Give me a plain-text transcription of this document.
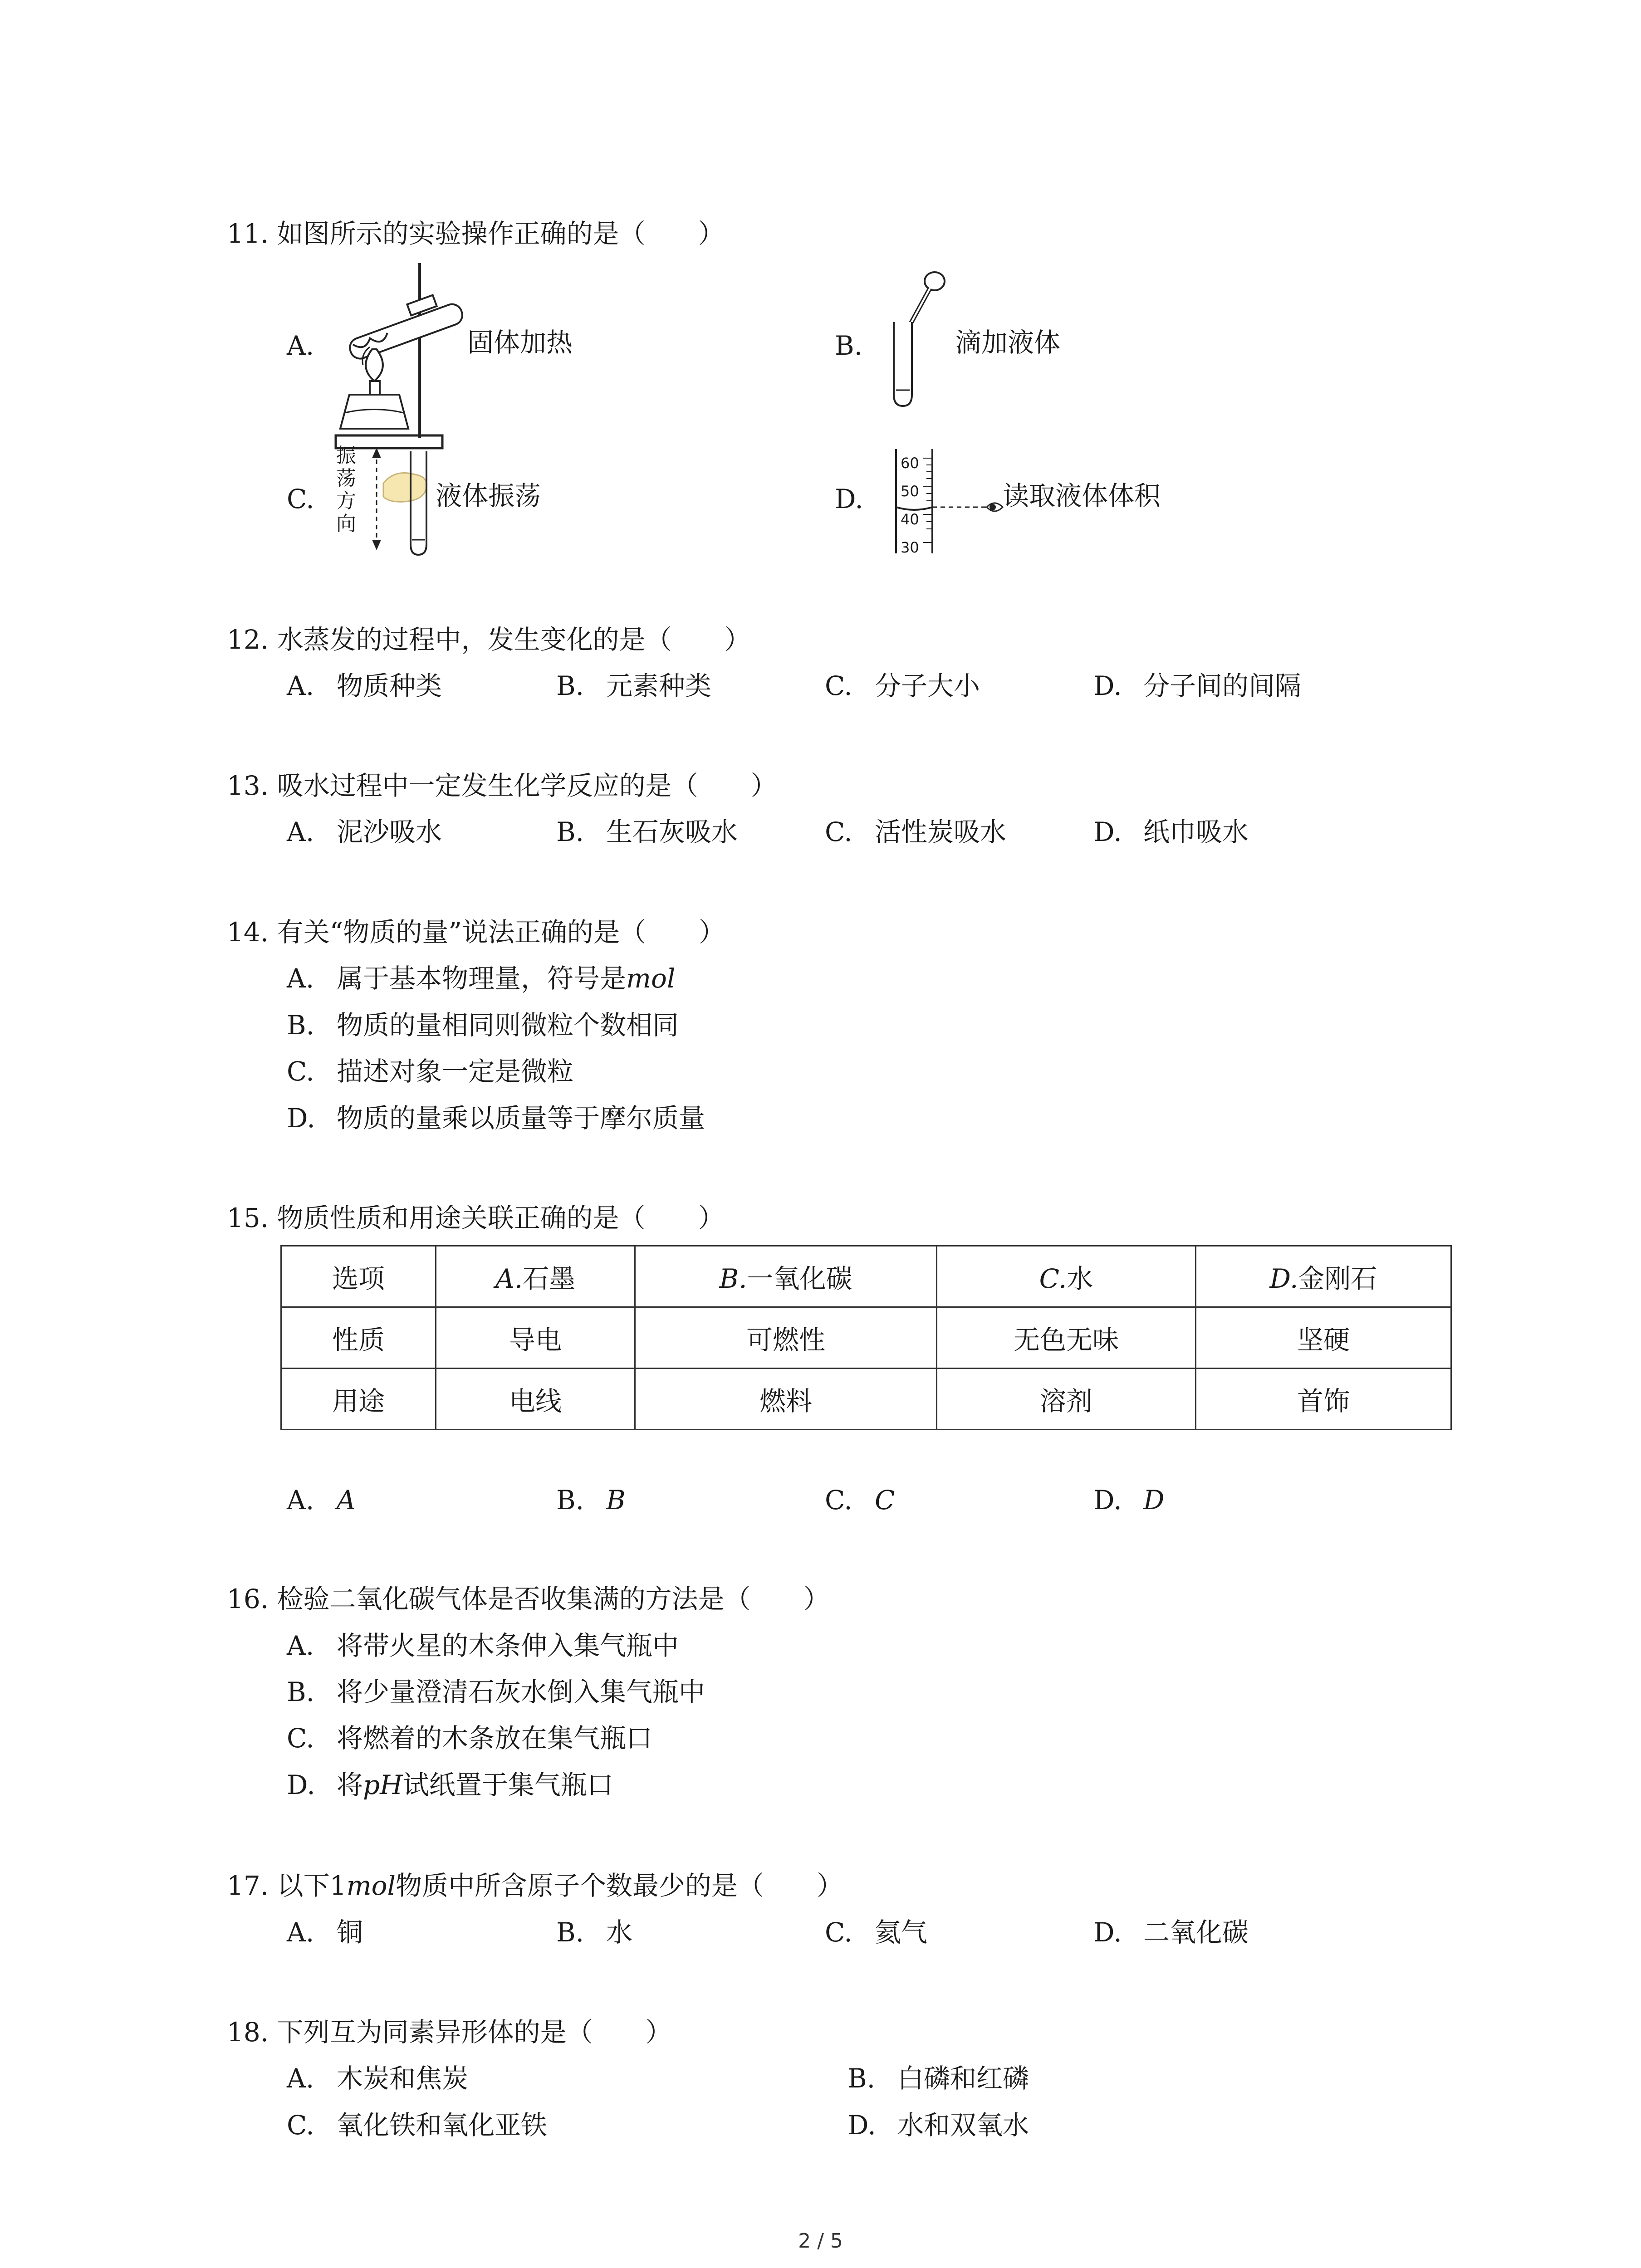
11. 如图所示的实验操作正确的是（　　）
A.	固体加热	B.	滴加液体
C.	液体振荡
振
荡
方
向
D.	读取液体体积
60
50
40
30
12. 水蒸发的过程中，发生变化的是（　　）
A. 物质种类	B. 元素种类	C. 分子大小	D. 分子间的间隔
13. 吸水过程中一定发生化学反应的是（　　）
A. 泥沙吸水	B. 生石灰吸水	C. 活性炭吸水	D. 纸巾吸水
14. 有关“物质的量”说法正确的是（　　）
A. 属于基本物理量，符号是mol
B. 物质的量相同则微粒个数相同
C. 描述对象一定是微粒
D. 物质的量乘以质量等于摩尔质量
15. 物质性质和用途关联正确的是（　　）
选项	A.石墨	B.一氧化碳	C.水	D.金刚石
性质	导电	可燃性	无色无味	坚硬
用途	电线	燃料	溶剂	首饰
A. A	B. B	C. C	D. D
16. 检验二氧化碳气体是否收集满的方法是（　　）
A. 将带火星的木条伸入集气瓶中
B. 将少量澄清石灰水倒入集气瓶中
C. 将燃着的木条放在集气瓶口
D. 将pH试纸置于集气瓶口
17. 以下1mol物质中所含原子个数最少的是（　　）
A. 铜	B. 水	C. 氦气	D. 二氧化碳
18. 下列互为同素异形体的是（　　）
A. 木炭和焦炭	B. 白磷和红磷
C. 氧化铁和氧化亚铁	D. 水和双氧水
2 / 5
